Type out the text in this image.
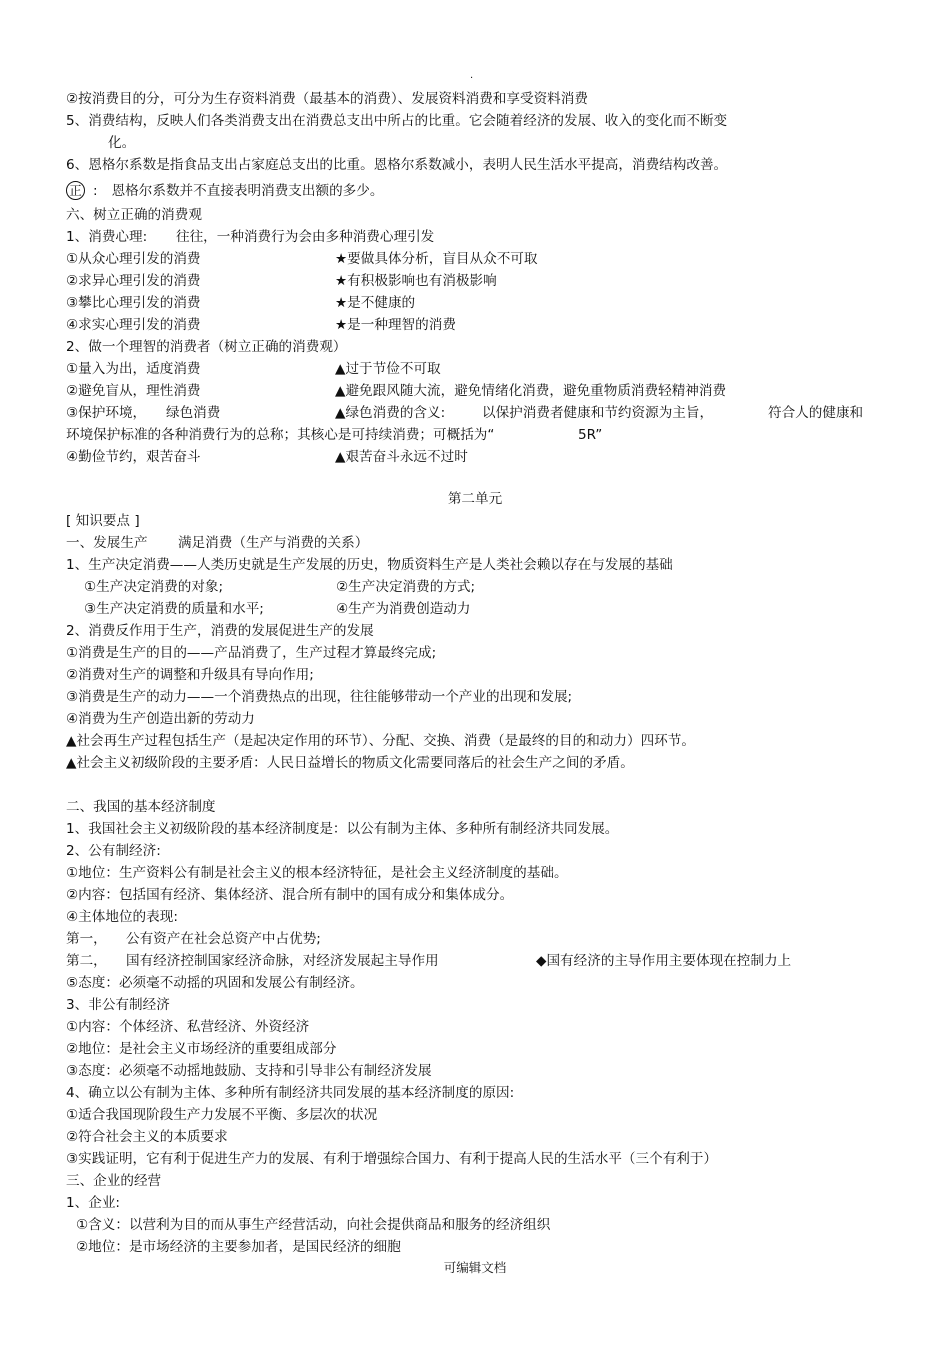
.
②按消费目的分，可分为生存资料消费（最基本的消费）、发展资料消费和享受资料消费
5、消费结构，反映人们各类消费支出在消费总支出中所占的比重。它会随着经济的发展、收入的变化而不断变
化。
6、恩格尔系数是指食品支出占家庭总支出的比重。恩格尔系数减小，表明人民生活水平提高，消费结构改善。
正 : 恩格尔系数并不直接表明消费支出额的多少。
六、树立正确的消费观
1、消费心理: 往往，一种消费行为会由多种消费心理引发
①从众心理引发的消费	★要做具体分析，盲目从众不可取
②求异心理引发的消费	★有积极影响也有消极影响
③攀比心理引发的消费	★是不健康的
④求实心理引发的消费	★是一种理智的消费
2、做一个理智的消费者（树立正确的消费观）
①量入为出，适度消费	▲过于节俭不可取
②避免盲从，理性消费	▲避免跟风随大流，避免情绪化消费，避免重物质消费轻精神消费
③保护环境， 绿色消费	▲绿色消费的含义:	以保护消费者健康和节约资源为主旨，	符合人的健康和
环境保护标准的各种消费行为的总称；其核心是可持续消费；可概括为“	5R”
④勤俭节约，艰苦奋斗	▲艰苦奋斗永远不过时
第二单元
[ 知识要点 ]
一、发展生产 满足消费（生产与消费的关系）
1、生产决定消费——人类历史就是生产发展的历史，物质资料生产是人类社会赖以存在与发展的基础
①生产决定消费的对象;	②生产决定消费的方式;
③生产决定消费的质量和水平;	④生产为消费创造动力
2、消费反作用于生产，消费的发展促进生产的发展
①消费是生产的目的——产品消费了，生产过程才算最终完成;
②消费对生产的调整和升级具有导向作用;
③消费是生产的动力——一个消费热点的出现，往往能够带动一个产业的出现和发展;
④消费为生产创造出新的劳动力
▲社会再生产过程包括生产（是起决定作用的环节）、分配、交换、消费（是最终的目的和动力）四环节。
▲社会主义初级阶段的主要矛盾：人民日益增长的物质文化需要同落后的社会生产之间的矛盾。
二、我国的基本经济制度
1、我国社会主义初级阶段的基本经济制度是：以公有制为主体、多种所有制经济共同发展。
2、公有制经济:
①地位：生产资料公有制是社会主义的根本经济特征，是社会主义经济制度的基础。
②内容：包括国有经济、集体经济、混合所有制中的国有成分和集体成分。
④主体地位的表现:
第一， 公有资产在社会总资产中占优势;
第二， 国有经济控制国家经济命脉，对经济发展起主导作用	◆国有经济的主导作用主要体现在控制力上
⑤态度：必须毫不动摇的巩固和发展公有制经济。
3、非公有制经济
①内容：个体经济、私营经济、外资经济
②地位：是社会主义市场经济的重要组成部分
③态度：必须毫不动摇地鼓励、支持和引导非公有制经济发展
4、确立以公有制为主体、多种所有制经济共同发展的基本经济制度的原因:
①适合我国现阶段生产力发展不平衡、多层次的状况
②符合社会主义的本质要求
③实践证明，它有利于促进生产力的发展、有利于增强综合国力、有利于提高人民的生活水平（三个有利于）
三、企业的经营
1、企业:
①含义：以营利为目的而从事生产经营活动，向社会提供商品和服务的经济组织
②地位：是市场经济的主要参加者，是国民经济的细胞
可编辑文档
